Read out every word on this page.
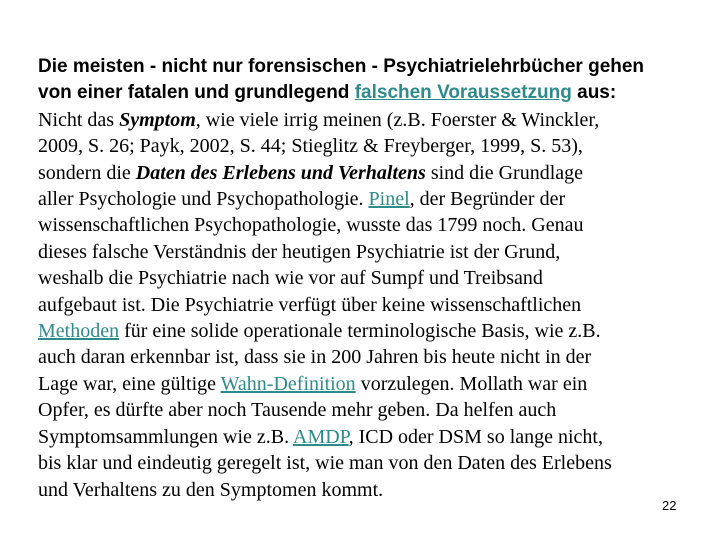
Die meisten - nicht nur forensischen - Psychiatrielehrbücher gehen
von einer fatalen und grundlegend falschen Voraussetzung aus:
Nicht das Symptom, wie viele irrig meinen (z.B. Foerster & Winckler,
2009, S. 26; Payk, 2002, S. 44; Stieglitz & Freyberger, 1999, S. 53),
sondern die Daten des Erlebens und Verhaltens sind die Grundlage
aller Psychologie und Psychopathologie. Pinel, der Begründer der
wissenschaftlichen Psychopathologie, wusste das 1799 noch. Genau
dieses falsche Verständnis der heutigen Psychiatrie ist der Grund,
weshalb die Psychiatrie nach wie vor auf Sumpf und Treibsand
aufgebaut ist. Die Psychiatrie verfügt über keine wissenschaftlichen
Methoden für eine solide operationale terminologische Basis, wie z.B.
auch daran erkennbar ist, dass sie in 200 Jahren bis heute nicht in der
Lage war, eine gültige Wahn-Definition vorzulegen. Mollath war ein
Opfer, es dürfte aber noch Tausende mehr geben. Da helfen auch
Symptomsammlungen wie z.B. AMDP, ICD oder DSM so lange nicht,
bis klar und eindeutig geregelt ist, wie man von den Daten des Erlebens
und Verhaltens zu den Symptomen kommt.
22
